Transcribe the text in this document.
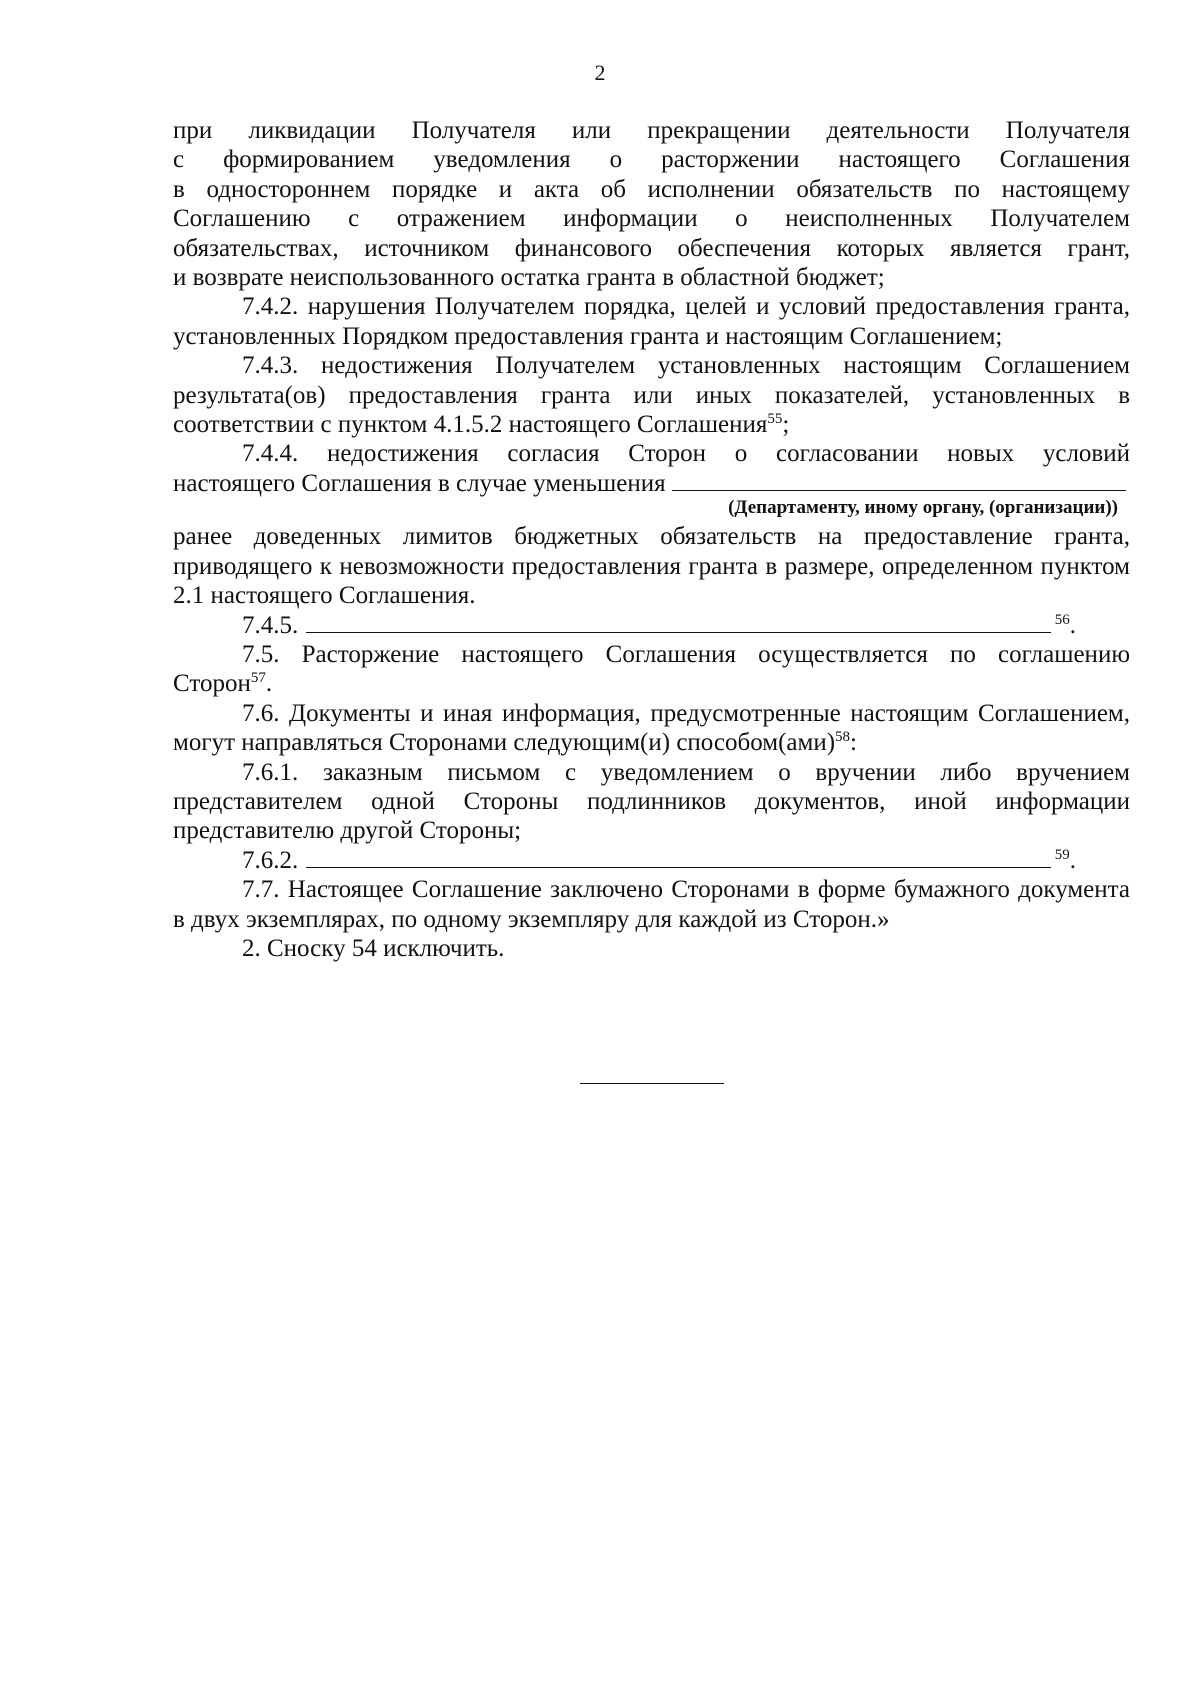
2

при ликвидации Получателя или прекращении деятельности Получателя

с формированием уведомления о расторжении настоящего Соглашения

в одностороннем порядке и акта об исполнении обязательств по настоящему

Соглашению с отражением информации о неисполненных Получателем

обязательствах, источником финансового обеспечения которых является грант,

и возврате неиспользованного остатка гранта в областной бюджет;

7.4.2. нарушения Получателем порядка, целей и условий предоставления гранта, установленных Порядком предоставления гранта и настоящим Соглашением;

7.4.3. недостижения Получателем установленных настоящим Соглашением результата(ов) предоставления гранта или иных показателей, установленных в соответствии с пунктом 4.1.5.2 настоящего Соглашения$^{55}$;

7.4.4. недостижения согласия Сторон о согласовании новых условий

настоящего Соглашения в случае уменьшения
(Департаменту, иному органу, (организации))

ранее доведенных лимитов бюджетных обязательств на предоставление гранта, приводящего к невозможности предоставления гранта в размере, определенном пунктом 2.1 настоящего Соглашения.

7.4.5.	$^{56}$.

7.5. Расторжение настоящего Соглашения осуществляется по соглашению Сторон$^{57}$.

7.6. Документы и иная информация, предусмотренные настоящим Соглашением, могут направляться Сторонами следующим(и) способом(ами)$^{58}$:

7.6.1. заказным письмом с уведомлением о вручении либо вручением представителем одной Стороны подлинников документов, иной информации представителю другой Стороны;

7.6.2.	$^{59}$.

7.7. Настоящее Соглашение заключено Сторонами в форме бумажного документа в двух экземплярах, по одному экземпляру для каждой из Сторон.»

2. Сноску 54 исключить.
